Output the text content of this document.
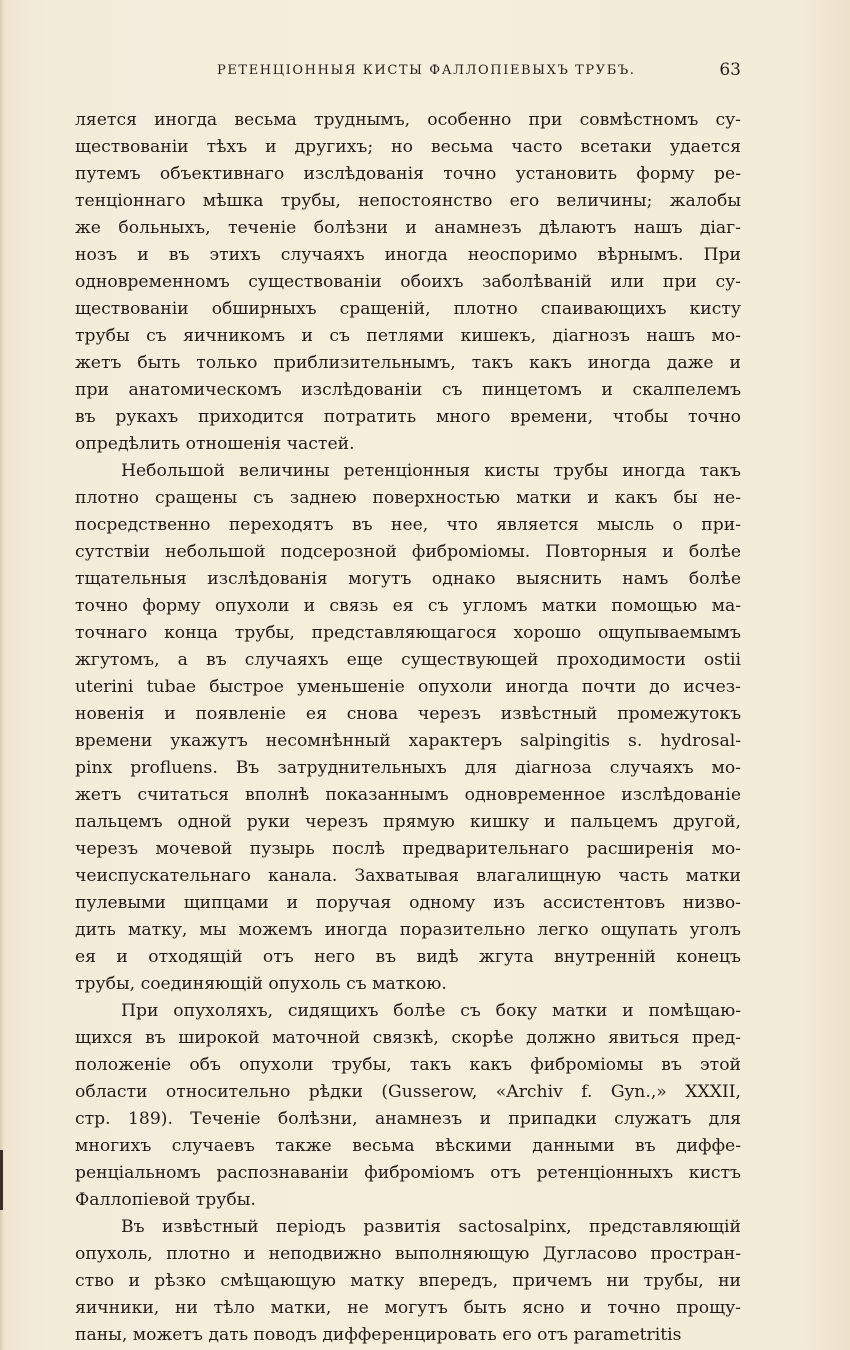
РЕТЕНЦІОННЫЯ КИСТЫ ФАЛЛОПІЕВЫХЪ ТРУБЪ.	63
ляется иногда весьма труднымъ, особенно при совмѣстномъ су-
ществованіи тѣхъ и другихъ; но весьма часто всетаки удается
путемъ объективнаго изслѣдованія точно установить форму ре-
тенціоннаго мѣшка трубы, непостоянство его величины; жалобы
же больныхъ, теченіе болѣзни и анамнезъ дѣлаютъ нашъ діаг-
нозъ и въ этихъ случаяхъ иногда неоспоримо вѣрнымъ. При
одновременномъ существованіи обоихъ заболѣваній или при су-
ществованіи обширныхъ сращеній, плотно спаивающихъ кисту
трубы съ яичникомъ и съ петлями кишекъ, діагнозъ нашъ мо-
жетъ быть только приблизительнымъ, такъ какъ иногда даже и
при анатомическомъ изслѣдованіи съ пинцетомъ и скалпелемъ
въ рукахъ приходится потратить много времени, чтобы точно
опредѣлить отношенія частей.
Небольшой величины ретенціонныя кисты трубы иногда такъ
плотно сращены съ заднею поверхностью матки и какъ бы не-
посредственно переходятъ въ нее, что является мысль о при-
сутствіи небольшой подсерозной фиброміомы. Повторныя и болѣе
тщательныя изслѣдованія могутъ однако выяснить намъ болѣе
точно форму опухоли и связь ея съ угломъ матки помощью ма-
точнаго конца трубы, представляющагося хорошо ощупываемымъ
жгутомъ, а въ случаяхъ еще существующей проходимости ostii
uterini tubae быстрое уменьшеніе опухоли иногда почти до исчез-
новенія и появленіе ея снова черезъ извѣстный промежутокъ
времени укажутъ несомнѣнный характеръ salpingitis s. hydrosal-
pinx profluens. Въ затруднительныхъ для діагноза случаяхъ мо-
жетъ считаться вполнѣ показаннымъ одновременное изслѣдованіе
пальцемъ одной руки черезъ прямую кишку и пальцемъ другой,
черезъ мочевой пузырь послѣ предварительнаго расширенія мо-
чеиспускательнаго канала. Захватывая влагалищную часть матки
пулевыми щипцами и поручая одному изъ ассистентовъ низво-
дить матку, мы можемъ иногда поразительно легко ощупать уголъ
ея и отходящій отъ него въ видѣ жгута внутренній конецъ
трубы, соединяющій опухоль съ маткою.
При опухоляхъ, сидящихъ болѣе съ боку матки и помѣщаю-
щихся въ широкой маточной связкѣ, скорѣе должно явиться пред-
положеніе объ опухоли трубы, такъ какъ фиброміомы въ этой
области относительно рѣдки (Gusserow, «Archiv f. Gyn.,» XXXII,
стр. 189). Теченіе болѣзни, анамнезъ и припадки служатъ для
многихъ случаевъ также весьма вѣскими данными въ диффе-
ренціальномъ распознаваніи фиброміомъ отъ ретенціонныхъ кистъ
Фаллопіевой трубы.
Въ извѣстный періодъ развитія sactosalpinx, представляющій
опухоль, плотно и неподвижно выполняющую Дугласово простран-
ство и рѣзко смѣщающую матку впередъ, причемъ ни трубы, ни
яичники, ни тѣло матки, не могутъ быть ясно и точно прощу-
паны, можетъ дать поводъ дифференцировать его отъ parametritis
